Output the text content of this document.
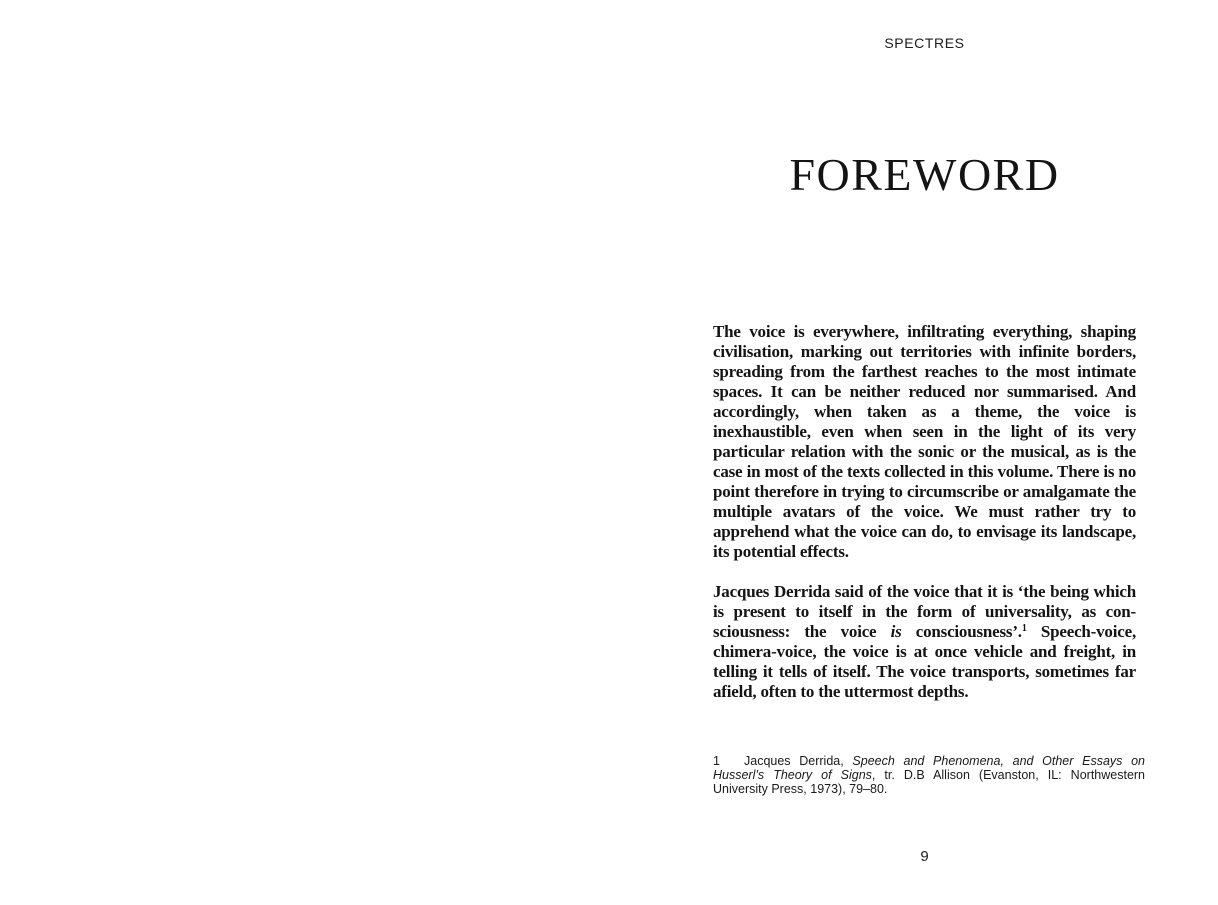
SPECTRES
FOREWORD

The voice is everywhere, infiltrating everything, shaping civilisation, marking out territories with infinite borders, spreading from the farthest reaches to the most intimate spaces. It can be neither reduced nor summarised. And accordingly, when taken as a theme, the voice is inexhaustible, even when seen in the light of its very particular relation with the sonic or the musical, as is the case in most of the texts collected in this volume. There is no point therefore in trying to circumscribe or amalgamate the multiple avatars of the voice. We must rather try to apprehend what the voice can do, to envisage its landscape, its potential effects.

Jacques Derrida said of the voice that it is ‘the being which is present to itself in the form of universality, as con-sciousness: the voice is consciousness’.$^1$ Speech-voice, chimera-voice, the voice is at once vehicle and freight, in telling it tells of itself. The voice transports, sometimes far afield, often to the uttermost depths.

1 Jacques Derrida, Speech and Phenomena, and Other Essays on Husserl’s Theory of Signs, tr. D.B Allison (Evanston, IL: Northwestern University Press, 1973), 79–80.
9
